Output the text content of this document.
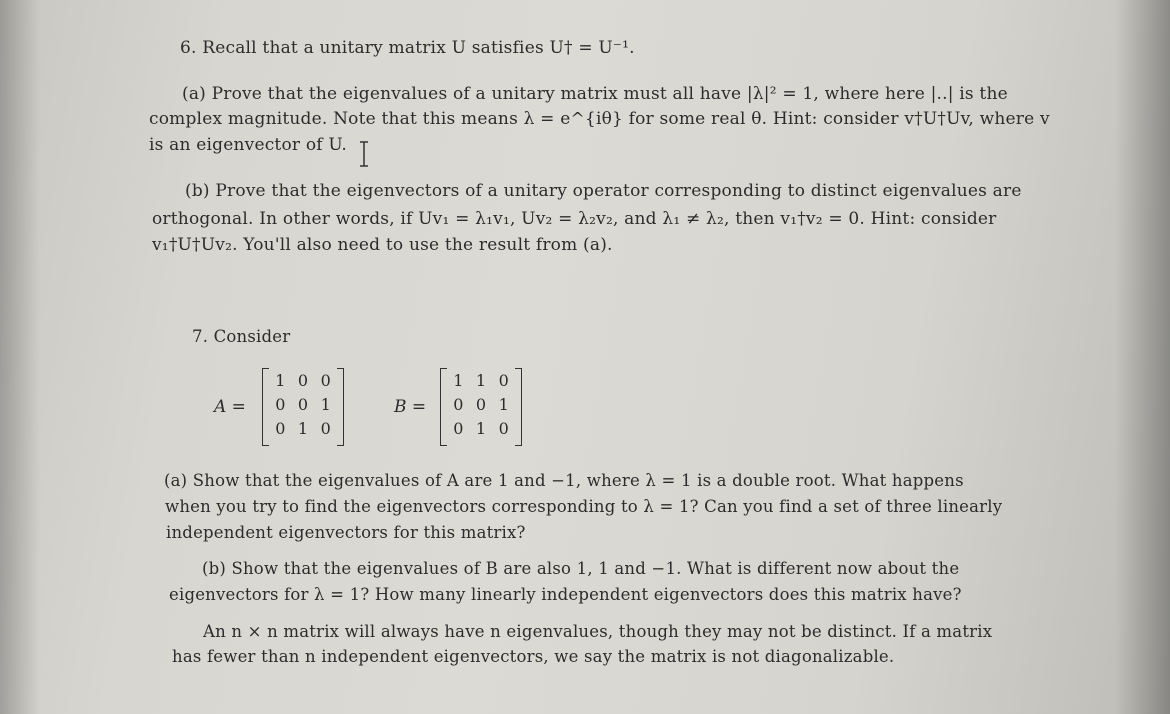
6. Recall that a unitary matrix U satisfies U† = U⁻¹.
(a) Prove that the eigenvalues of a unitary matrix must all have |λ|² = 1, where here |..| is the
complex magnitude. Note that this means λ = e^{iθ} for some real θ. Hint: consider v†U†Uv, where v
is an eigenvector of U.
(b) Prove that the eigenvectors of a unitary operator corresponding to distinct eigenvalues are
orthogonal. In other words, if Uv₁ = λ₁v₁, Uv₂ = λ₂v₂, and λ₁ ≠ λ₂, then v₁†v₂ = 0. Hint: consider
v₁†U†Uv₂. You'll also need to use the result from (a).
7. Consider
A =
1 0 0
0 0 1
0 1 0
B =
1 1 0
0 0 1
0 1 0
(a) Show that the eigenvalues of A are 1 and −1, where λ = 1 is a double root. What happens
when you try to find the eigenvectors corresponding to λ = 1? Can you find a set of three linearly
independent eigenvectors for this matrix?
(b) Show that the eigenvalues of B are also 1, 1 and −1. What is different now about the
eigenvectors for λ = 1? How many linearly independent eigenvectors does this matrix have?
An n × n matrix will always have n eigenvalues, though they may not be distinct. If a matrix
has fewer than n independent eigenvectors, we say the matrix is not diagonalizable.
